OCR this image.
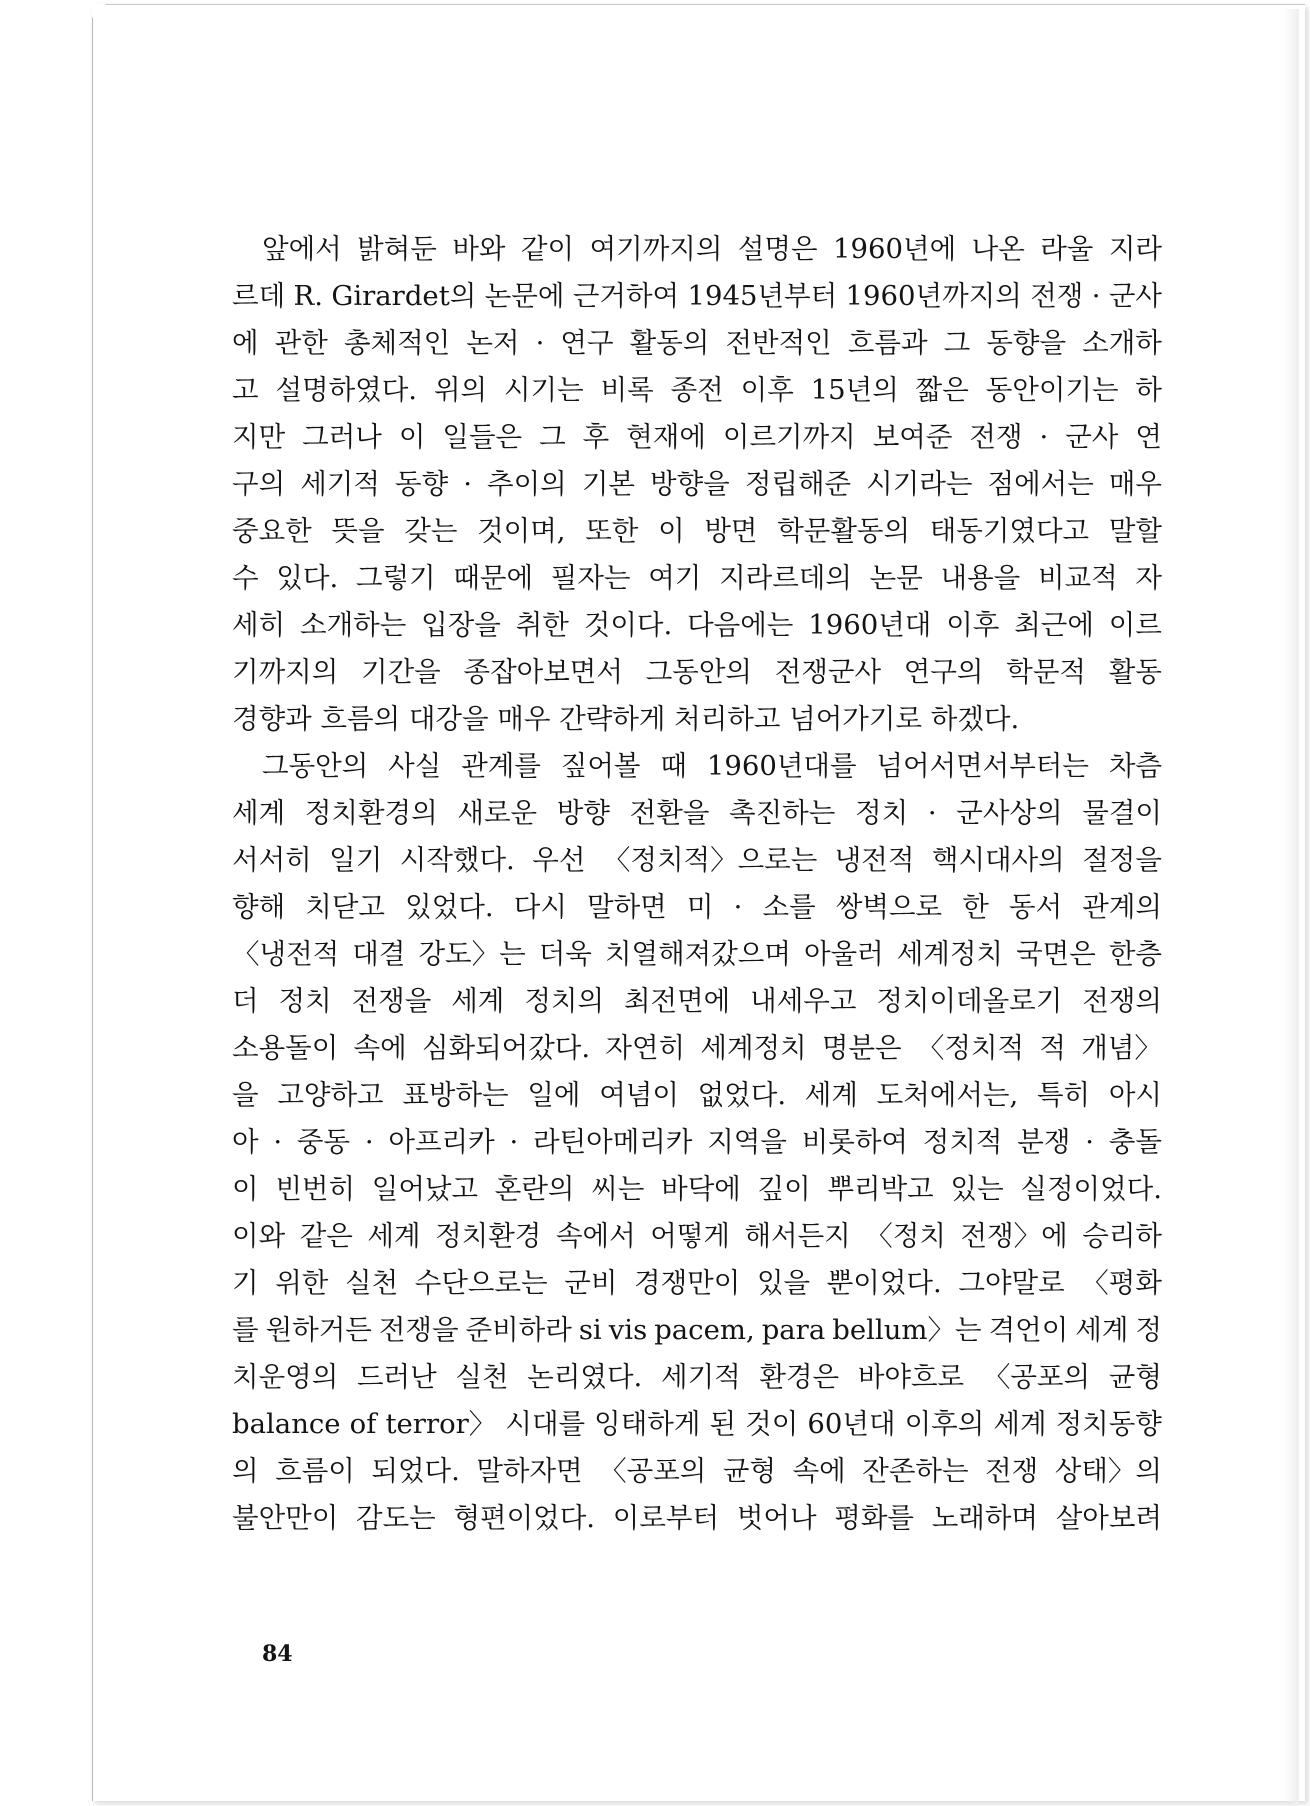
앞에서 밝혀둔 바와 같이 여기까지의 설명은 1960년에 나온 라울 지라
르데 R. Girardet의 논문에 근거하여 1945년부터 1960년까지의 전쟁 · 군사
에 관한 총체적인 논저 · 연구 활동의 전반적인 흐름과 그 동향을 소개하
고 설명하였다. 위의 시기는 비록 종전 이후 15년의 짧은 동안이기는 하
지만 그러나 이 일들은 그 후 현재에 이르기까지 보여준 전쟁 · 군사 연
구의 세기적 동향 · 추이의 기본 방향을 정립해준 시기라는 점에서는 매우
중요한 뜻을 갖는 것이며, 또한 이 방면 학문활동의 태동기였다고 말할
수 있다. 그렇기 때문에 필자는 여기 지라르데의 논문 내용을 비교적 자
세히 소개하는 입장을 취한 것이다. 다음에는 1960년대 이후 최근에 이르
기까지의 기간을 종잡아보면서 그동안의 전쟁군사 연구의 학문적 활동
경향과 흐름의 대강을 매우 간략하게 처리하고 넘어가기로 하겠다.
그동안의 사실 관계를 짚어볼 때 1960년대를 넘어서면서부터는 차츰
세계 정치환경의 새로운 방향 전환을 촉진하는 정치 · 군사상의 물결이
서서히 일기 시작했다. 우선 〈정치적〉으로는 냉전적 핵시대사의 절정을
향해 치닫고 있었다. 다시 말하면 미 · 소를 쌍벽으로 한 동서 관계의
〈냉전적 대결 강도〉는 더욱 치열해져갔으며 아울러 세계정치 국면은 한층
더 정치 전쟁을 세계 정치의 최전면에 내세우고 정치이데올로기 전쟁의
소용돌이 속에 심화되어갔다. 자연히 세계정치 명분은 〈정치적 적 개념〉
을 고양하고 표방하는 일에 여념이 없었다. 세계 도처에서는, 특히 아시
아 · 중동 · 아프리카 · 라틴아메리카 지역을 비롯하여 정치적 분쟁 · 충돌
이 빈번히 일어났고 혼란의 씨는 바닥에 깊이 뿌리박고 있는 실정이었다.
이와 같은 세계 정치환경 속에서 어떻게 해서든지 〈정치 전쟁〉에 승리하
기 위한 실천 수단으로는 군비 경쟁만이 있을 뿐이었다. 그야말로 〈평화
를 원하거든 전쟁을 준비하라 si vis pacem, para bellum〉는 격언이 세계 정
치운영의 드러난 실천 논리였다. 세기적 환경은 바야흐로 〈공포의 균형
balance of terror〉 시대를 잉태하게 된 것이 60년대 이후의 세계 정치동향
의 흐름이 되었다. 말하자면 〈공포의 균형 속에 잔존하는 전쟁 상태〉의
불안만이 감도는 형편이었다. 이로부터 벗어나 평화를 노래하며 살아보려
84
